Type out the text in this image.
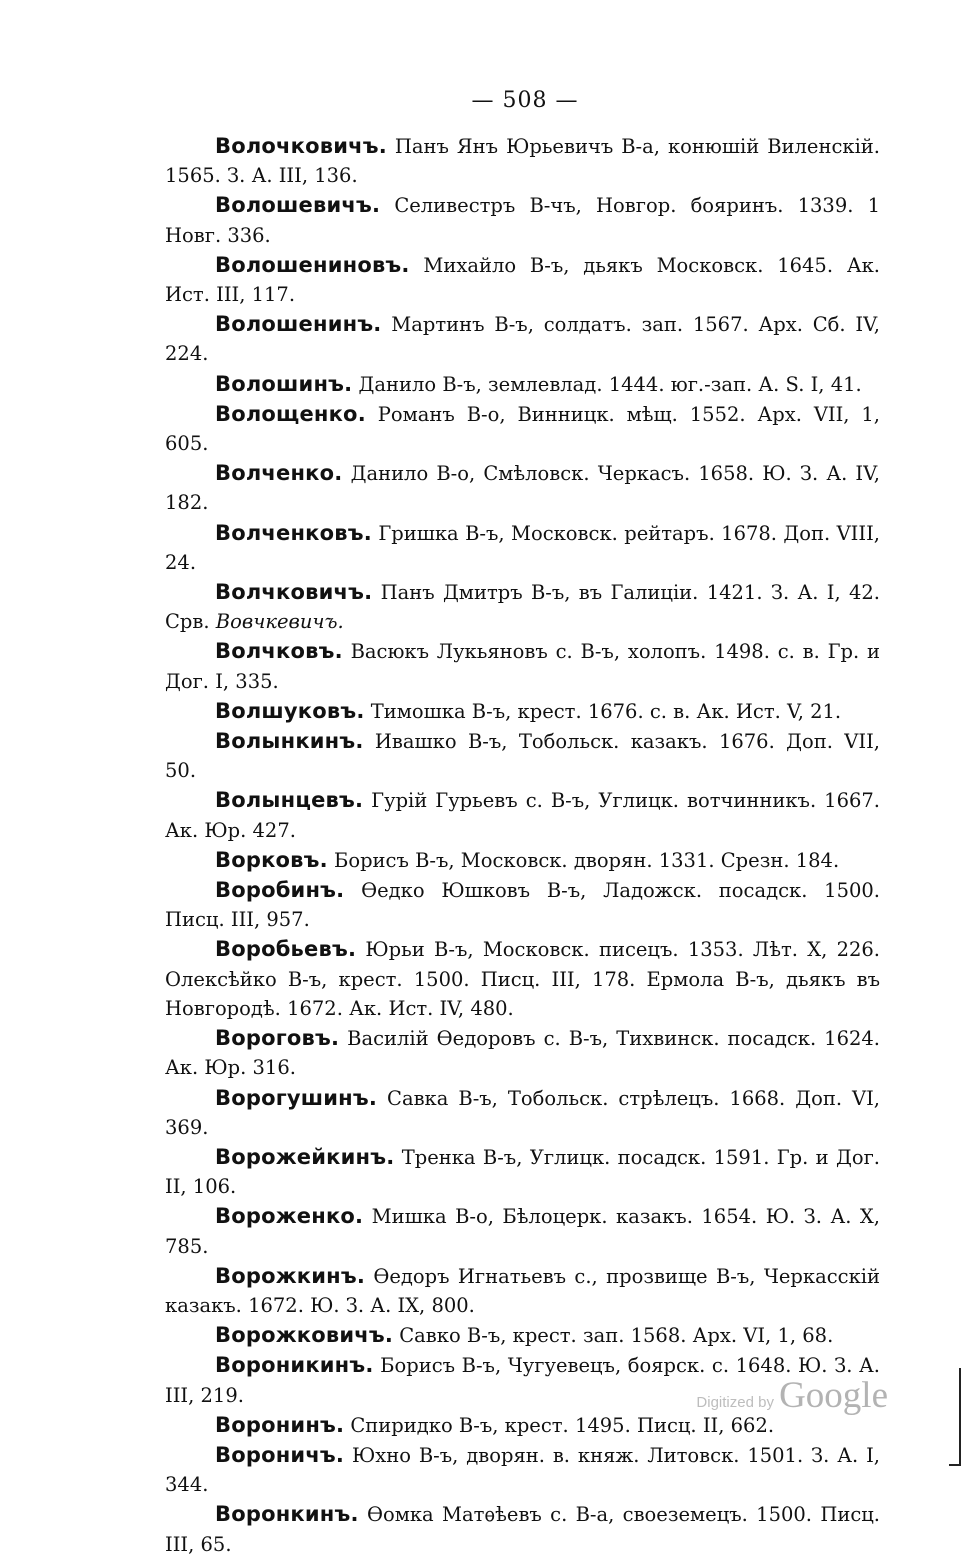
— 508 —

Волочковичъ. Панъ Янъ Юрьевичъ В-а, конюшій Виленскій. 1565. З. А. III, 136.

Волошевичъ. Селивестръ В-чъ, Новгор. бояринъ. 1339. 1 Новг. 336.

Волошениновъ. Михайло В-ъ, дьякъ Московск. 1645. Ак. Ист. III, 117.

Волошенинъ. Мартинъ В-ъ, солдатъ. зап. 1567. Арх. Сб. IV, 224.

Волошинъ. Данило В-ъ, землевлад. 1444. юг.-зап. А. S. I, 41.

Волощенко. Романъ В-о, Винницк. мѣщ. 1552. Арх. VII, 1, 605.

Волченко. Данило В-о, Смѣловск. Черкасъ. 1658. Ю. З. А. IV, 182.

Волченковъ. Гришка В-ъ, Московск. рейтаръ. 1678. Доп. VIII, 24.

Волчковичъ. Панъ Дмитръ В-ъ, въ Галиціи. 1421. З. А. I, 42. Срв. Вовчкевичъ.

Волчковъ. Васюкъ Лукьяновъ с. В-ъ, холопъ. 1498. с. в. Гр. и Дог. I, 335.

Волшуковъ. Тимошка В-ъ, крест. 1676. с. в. Ак. Ист. V, 21.

Волынкинъ. Ивашко В-ъ, Тобольск. казакъ. 1676. Доп. VII, 50.

Волынцевъ. Гурій Гурьевъ с. В-ъ, Углицк. вотчинникъ. 1667. Ак. Юр. 427.

Ворковъ. Борисъ В-ъ, Московск. дворян. 1331. Срезн. 184.

Воробинъ. Ѳедко Юшковъ В-ъ, Ладожск. посадск. 1500. Писц. III, 957.

Воробьевъ. Юрьи В-ъ, Московск. писецъ. 1353. Лѣт. X, 226. Олексѣйко В-ъ, крест. 1500. Писц. III, 178. Ермола В-ъ, дьякъ въ Новгородѣ. 1672. Ак. Ист. IV, 480.

Вороговъ. Василій Ѳедоровъ с. В-ъ, Тихвинск. посадск. 1624. Ак. Юр. 316.

Ворогушинъ. Савка В-ъ, Тобольск. стрѣлецъ. 1668. Доп. VI, 369.

Ворожейкинъ. Тренка В-ъ, Углицк. посадск. 1591. Гр. и Дог. II, 106.

Вороженко. Мишка В-о, Бѣлоцерк. казакъ. 1654. Ю. З. А. X, 785.

Ворожкинъ. Ѳедоръ Игнатьевъ с., прозвище В-ъ, Черкасскій казакъ. 1672. Ю. З. А. IX, 800.

Ворожковичъ. Савко В-ъ, крест. зап. 1568. Арх. VI, 1, 68.

Вороникинъ. Борисъ В-ъ, Чугуевецъ, боярск. с. 1648. Ю. З. А. III, 219.

Воронинъ. Спиридко В-ъ, крест. 1495. Писц. II, 662.

Вороничъ. Юхно В-ъ, дворян. в. княж. Литовск. 1501. З. А. I, 344.

Воронкинъ. Ѳомка Матѳѣевъ с. В-а, своеземецъ. 1500. Писц. III, 65.

Digitized by Google
